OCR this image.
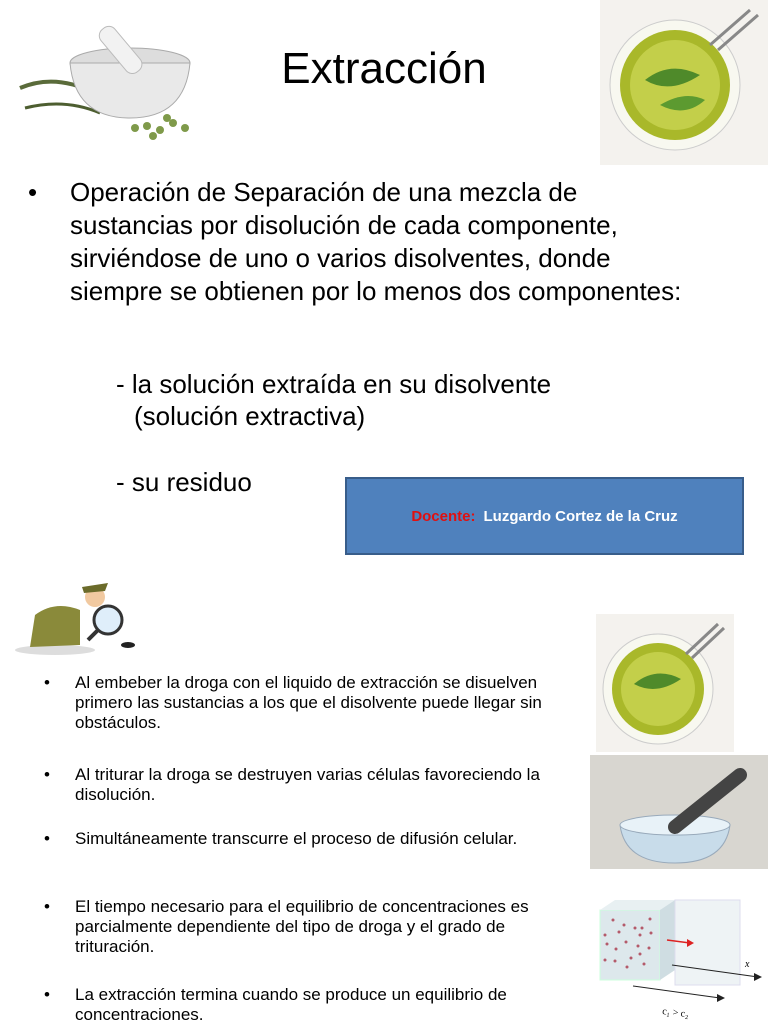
Extracción
• Operación de Separación de una mezcla de sustancias por disolución de cada componente, sirviéndose de uno o varios disolventes, donde siempre se obtienen por lo menos dos componentes:
- la solución extraída en su disolvente
(solución extractiva)
- su residuo
Docente: Luzgardo Cortez de la Cruz
• Al embeber la droga con el liquido de extracción se disuelven primero las sustancias a los que el disolvente puede llegar sin obstáculos.
• Al triturar la droga se destruyen varias células favoreciendo la disolución.
• Simultáneamente transcurre el proceso de difusión celular.
• El tiempo necesario para el equilibrio de concentraciones es parcialmente dependiente del tipo de droga y el grado de trituración.
• La extracción termina cuando se produce un equilibrio de concentraciones.
x
c₁ > c₂
